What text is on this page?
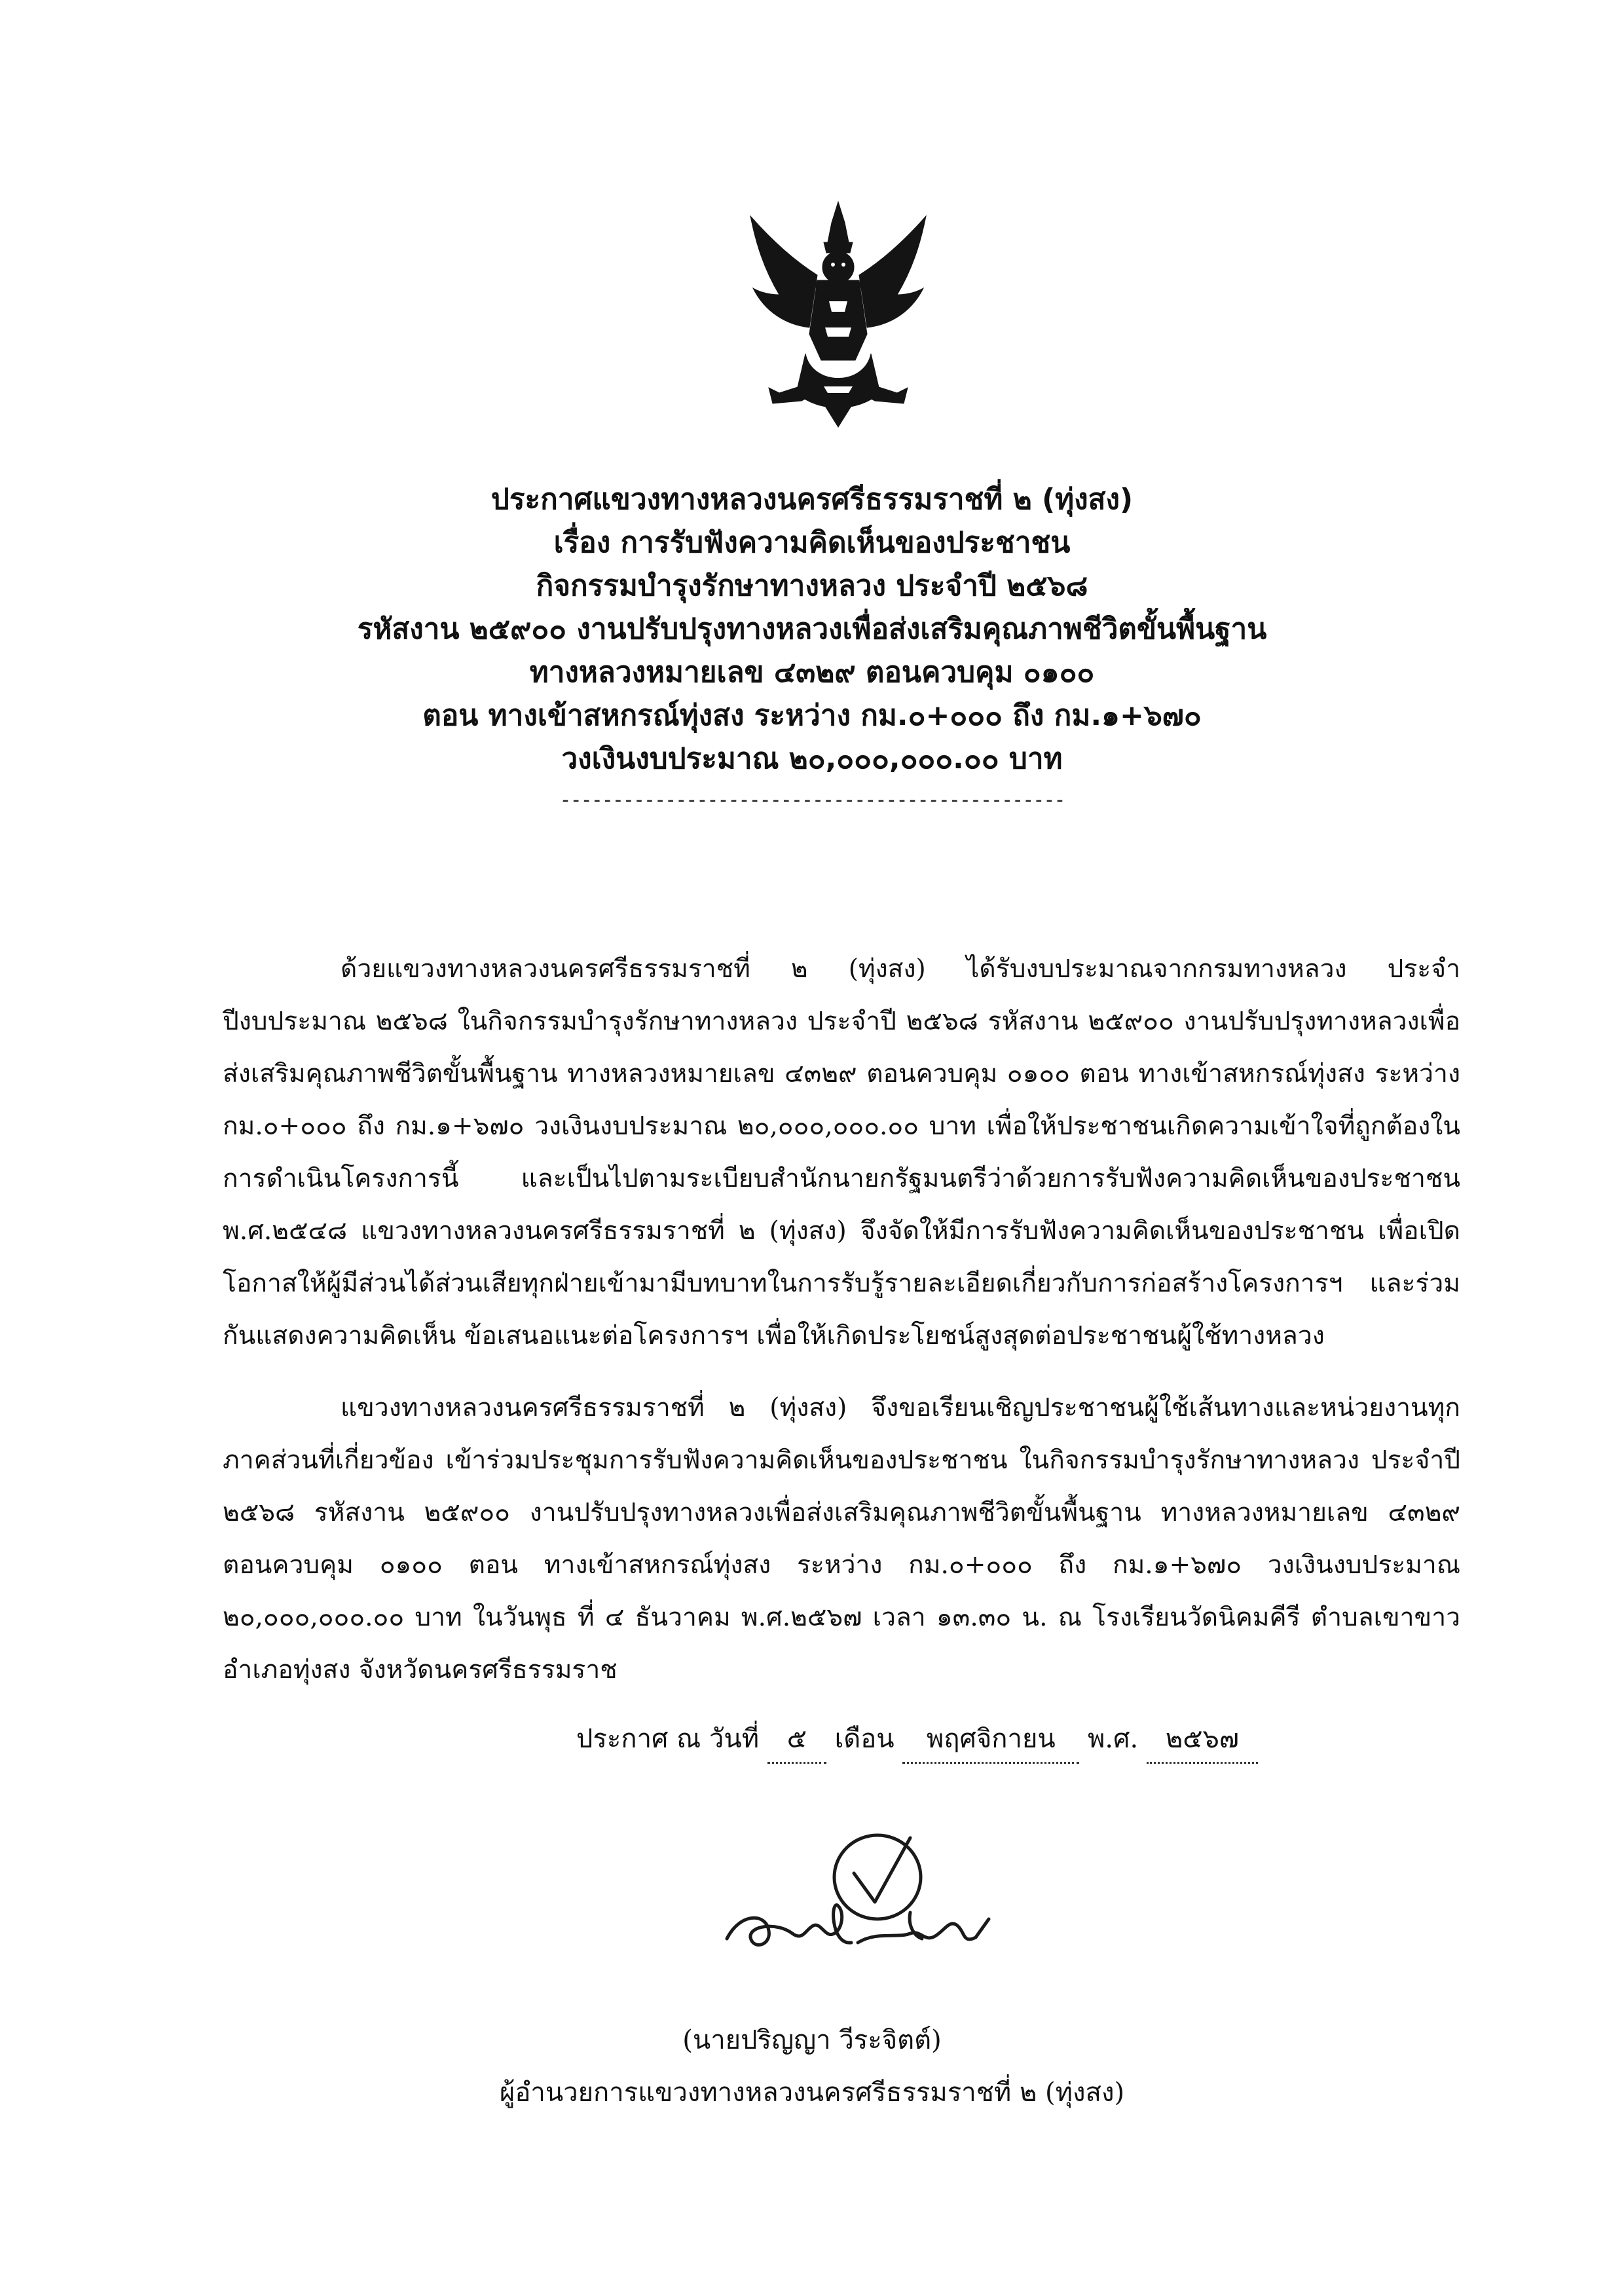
ประกาศแขวงทางหลวงนครศรีธรรมราชที่ ๒ (ทุ่งสง)
เรื่อง การรับฟังความคิดเห็นของประชาชน
กิจกรรมบำรุงรักษาทางหลวง ประจำปี ๒๕๖๘
รหัสงาน ๒๕๙๐๐ งานปรับปรุงทางหลวงเพื่อส่งเสริมคุณภาพชีวิตขั้นพื้นฐาน
ทางหลวงหมายเลข ๔๓๒๙ ตอนควบคุม ๐๑๐๐
ตอน ทางเข้าสหกรณ์ทุ่งสง ระหว่าง กม.๐+๐๐๐ ถึง กม.๑+๖๗๐
วงเงินงบประมาณ ๒๐,๐๐๐,๐๐๐.๐๐ บาท
------------------------------------------------

ด้วยแขวงทางหลวงนครศรีธรรมราชที่ ๒ (ทุ่งสง) ได้รับงบประมาณจากกรมทางหลวง ประจำปีงบประมาณ ๒๕๖๘ ในกิจกรรมบำรุงรักษาทางหลวง ประจำปี ๒๕๖๘ รหัสงาน ๒๕๙๐๐ งานปรับปรุงทางหลวงเพื่อส่งเสริมคุณภาพชีวิตขั้นพื้นฐาน ทางหลวงหมายเลข ๔๓๒๙ ตอนควบคุม ๐๑๐๐ ตอน ทางเข้าสหกรณ์ทุ่งสง ระหว่าง กม.๐+๐๐๐ ถึง กม.๑+๖๗๐ วงเงินงบประมาณ ๒๐,๐๐๐,๐๐๐.๐๐ บาท เพื่อให้ประชาชนเกิดความเข้าใจที่ถูกต้องในการดำเนินโครงการนี้ และเป็นไปตามระเบียบสำนักนายกรัฐมนตรีว่าด้วยการรับฟังความคิดเห็นของประชาชน พ.ศ.๒๕๔๘ แขวงทางหลวงนครศรีธรรมราชที่ ๒ (ทุ่งสง) จึงจัดให้มีการรับฟังความคิดเห็นของประชาชน เพื่อเปิดโอกาสให้ผู้มีส่วนได้ส่วนเสียทุกฝ่ายเข้ามามีบทบาทในการรับรู้รายละเอียดเกี่ยวกับการก่อสร้างโครงการฯ และร่วมกันแสดงความคิดเห็น ข้อเสนอแนะต่อโครงการฯ เพื่อให้เกิดประโยชน์สูงสุดต่อประชาชนผู้ใช้ทางหลวง

แขวงทางหลวงนครศรีธรรมราชที่ ๒ (ทุ่งสง) จึงขอเรียนเชิญประชาชนผู้ใช้เส้นทางและหน่วยงานทุกภาคส่วนที่เกี่ยวข้อง เข้าร่วมประชุมการรับฟังความคิดเห็นของประชาชน ในกิจกรรมบำรุงรักษาทางหลวง ประจำปี ๒๕๖๘ รหัสงาน ๒๕๙๐๐ งานปรับปรุงทางหลวงเพื่อส่งเสริมคุณภาพชีวิตขั้นพื้นฐาน ทางหลวงหมายเลข ๔๓๒๙ ตอนควบคุม ๐๑๐๐ ตอน ทางเข้าสหกรณ์ทุ่งสง ระหว่าง กม.๐+๐๐๐ ถึง กม.๑+๖๗๐ วงเงินงบประมาณ ๒๐,๐๐๐,๐๐๐.๐๐ บาท ในวันพุธ ที่ ๔ ธันวาคม พ.ศ.๒๕๖๗ เวลา ๑๓.๓๐ น. ณ โรงเรียนวัดนิคมคีรี ตำบลเขาขาว อำเภอทุ่งสง จังหวัดนครศรีธรรมราช

ประกาศ ณ วันที่ ๕ เดือน พฤศจิกายน พ.ศ. ๒๕๖๗
(นายปริญญา วีระจิตต์)
ผู้อำนวยการแขวงทางหลวงนครศรีธรรมราชที่ ๒ (ทุ่งสง)
